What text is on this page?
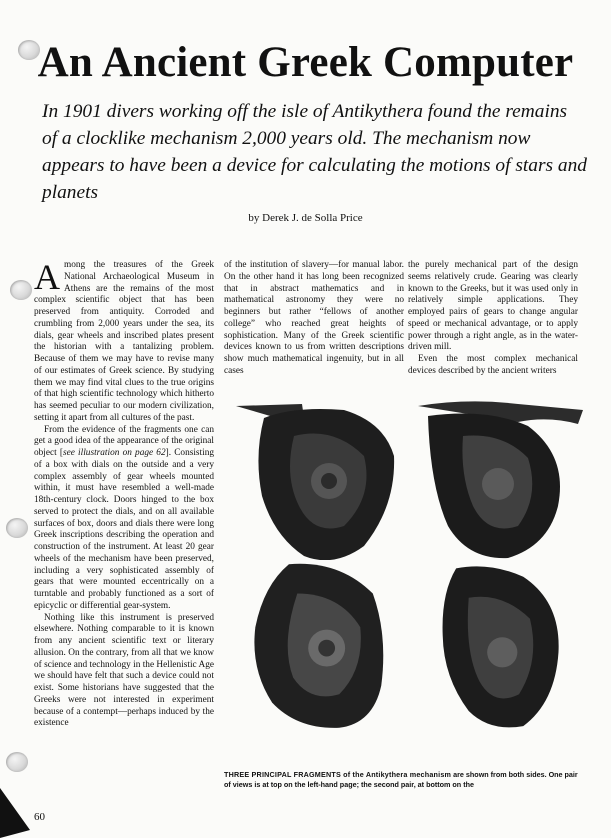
An Ancient Greek Computer

In 1901 divers working off the isle of Antikythera found the remains of a clocklike mechanism 2,000 years old. The mechanism now appears to have been a device for calculating the motions of stars and planets

by Derek J. de Solla Price

Among the treasures of the Greek National Archaeological Museum in Athens are the remains of the most complex scientific object that has been preserved from antiquity. Corroded and crumbling from 2,000 years under the sea, its dials, gear wheels and inscribed plates present the historian with a tantalizing problem. Because of them we may have to revise many of our estimates of Greek science. By studying them we may find vital clues to the true origins of that high scientific technology which hitherto has seemed peculiar to our modern civilization, setting it apart from all cultures of the past.

From the evidence of the fragments one can get a good idea of the appearance of the original object [see illustration on page 62]. Consisting of a box with dials on the outside and a very complex assembly of gear wheels mounted within, it must have resembled a well-made 18th-century clock. Doors hinged to the box served to protect the dials, and on all available surfaces of box, doors and dials there were long Greek inscriptions describing the operation and construction of the instrument. At least 20 gear wheels of the mechanism have been preserved, including a very sophisticated assembly of gears that were mounted eccentrically on a turntable and probably functioned as a sort of epicyclic or differential gear-system.

Nothing like this instrument is preserved elsewhere. Nothing comparable to it is known from any ancient scientific text or literary allusion. On the contrary, from all that we know of science and technology in the Hellenistic Age we should have felt that such a device could not exist. Some historians have suggested that the Greeks were not interested in experiment because of a contempt—perhaps induced by the existence

of the institution of slavery—for manual labor. On the other hand it has long been recognized that in abstract mathematics and in mathematical astronomy they were no beginners but rather “fellows of another college” who reached great heights of sophistication. Many of the Greek scientific devices known to us from written descriptions show much mathematical ingenuity, but in all cases

the purely mechanical part of the design seems relatively crude. Gearing was clearly known to the Greeks, but it was used only in relatively simple applications. They employed pairs of gears to change angular speed or mechanical advantage, or to apply power through a right angle, as in the water-driven mill.

Even the most complex mechanical devices described by the ancient writers

THREE PRINCIPAL FRAGMENTS of the Antikythera mechanism are shown from both sides. One pair of views is at top on the left-hand page; the second pair, at bottom on the

60
